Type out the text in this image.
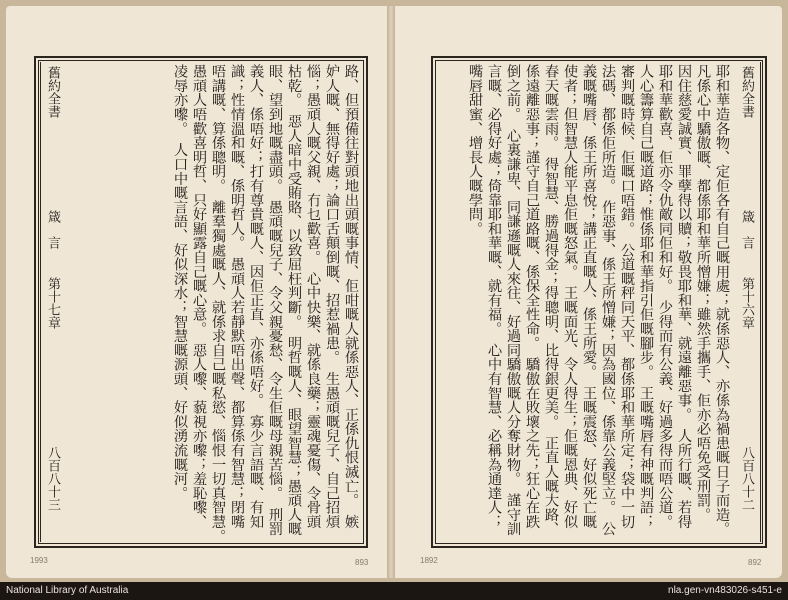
舊約全書
箴　言
第十七章
八百八十三	路、但預備往對頭地出頭嘅事情、佢咁嘅人就係惡人、正係仇恨滅亡。　嫉妒人嘅、無得好處；論口舌顛倒嘅、招惹禍患。　生愚頑嘅兒子、自己招煩惱；愚頑人嘅父親、冇乜歡喜。　心中快樂、就係良藥；靈魂憂傷、令骨頭枯乾。　惡人暗中受賄賂、以致屈枉判斷。　明哲嘅人、眼望智慧；愚頑人嘅眼、望到地嘅盡頭。　愚頑嘅兒子、令父親憂愁、令生佢嘅母親苦惱。　刑罰義人、係唔好；打有尊貴嘅人、因佢正直、亦係唔好。　寡少言語嘅、有知識；性情溫和嘅、係明哲人。　愚頑人若靜默唔出聲、都算係有智慧；閉嘴唔講嘅、算係聰明。　離羣獨處嘅人、就係求自己嘅私慾、惱恨一切真智慧。　愚頑人唔歡喜明哲、只好顯露自己嘅心意。　惡人嚟、藐視亦嚟；羞恥嚟、凌辱亦嚟。　人口中嘅言語、好似深水；智慧嘅源頭、好似湧流嘅河。	舊約全書
箴　言
第十六章
八百八十二
耶和華造各物、定佢各有自己嘅用處；就係惡人、亦係為禍患嘅日子而造。　凡係心中驕傲嘅、都係耶和華所憎嫌；雖然手攜手、佢亦必唔免受刑罰。　因住慈愛誠實、罪孽得以贖；敬畏耶和華、就遠離惡事。　人所行嘅、若得耶和華歡喜、佢亦令仇敵同佢和好。　少得而有公義、好過多得而唔公道。　人心籌算自己嘅道路；惟係耶和華指引佢嘅腳步。　王嘅嘴唇有神嘅判語；審判嘅時候、佢嘅口唔錯。　公道嘅秤同天平、都係耶和華所定；袋中一切法碼、都係佢所造。　作惡事、係王所憎嫌；因為國位、係靠公義堅立。　公義嘅嘴唇、係王所喜悅；講正直嘅人、係王所愛。　王嘅震怒、好似死亡嘅使者；但智慧人能平息佢嘅怒氣。　王嘅面光、令人得生；佢嘅恩典、好似春天嘅雲雨。　得智慧、勝過得金；得聰明、比得銀更美。　正直人嘅大路、係遠離惡事；謹守自己道路嘅、係保全性命。　驕傲在敗壞之先；狂心在跌倒之前。　心裏謙卑、同謙遜嘅人來往、好過同驕傲嘅人分奪財物。　謹守訓言嘅、必得好處；倚靠耶和華嘅、就有福。　心中有智慧、必稱為通達人；嘴唇甜蜜、增長人嘅學問。
1993	893	1892	892
National Library of Australia	nla.gen-vn483026-s451-e
